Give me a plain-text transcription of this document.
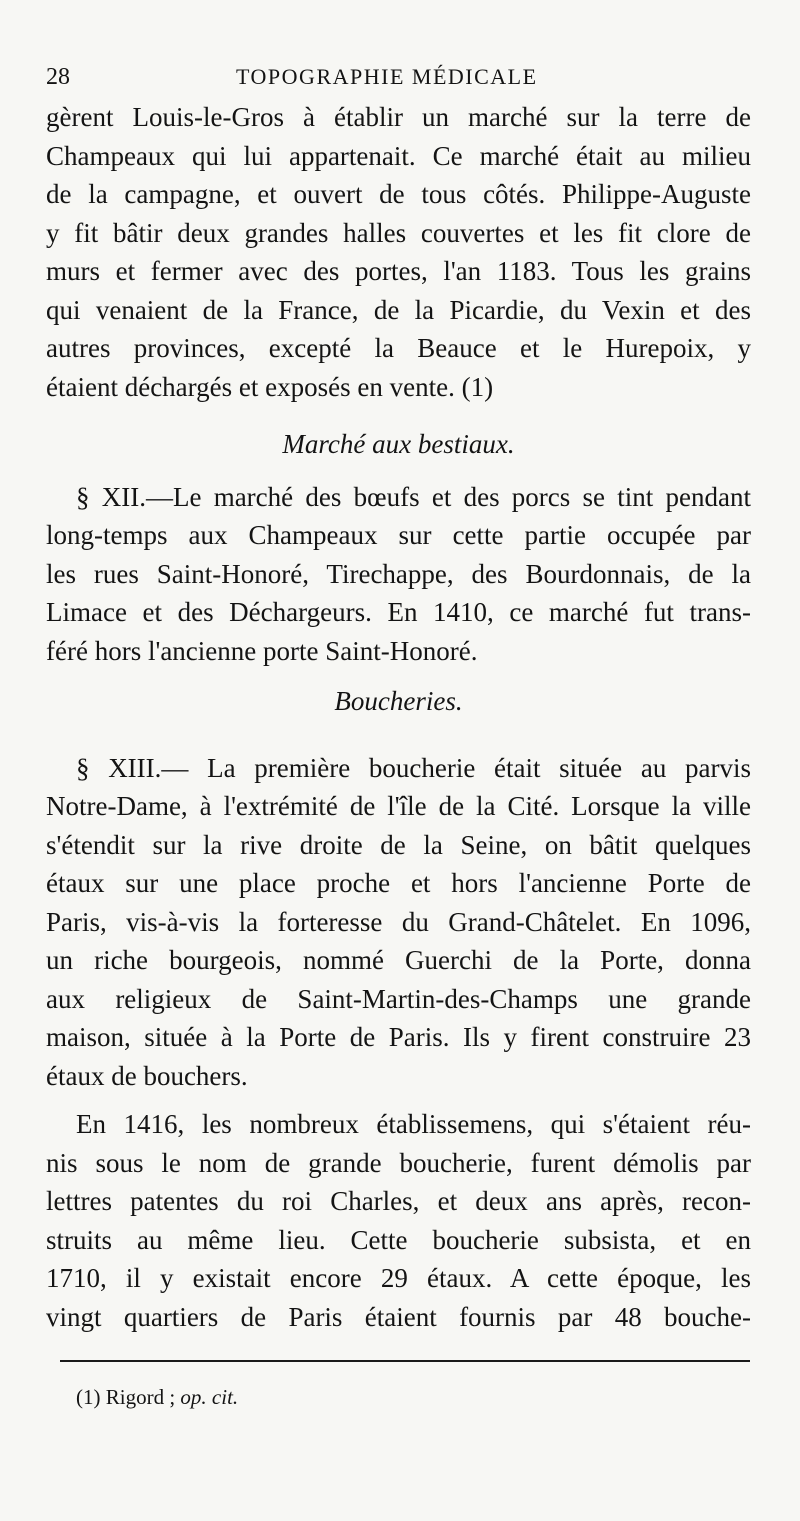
28	TOPOGRAPHIE MÉDICALE
gèrent Louis-le-Gros à établir un marché sur la terre de
Champeaux qui lui appartenait. Ce marché était au milieu
de la campagne, et ouvert de tous côtés. Philippe-Auguste
y fit bâtir deux grandes halles couvertes et les fit clore de
murs et fermer avec des portes, l'an 1183. Tous les grains
qui venaient de la France, de la Picardie, du Vexin et des
autres provinces, excepté la Beauce et le Hurepoix, y
étaient déchargés et exposés en vente. (1)
Marché aux bestiaux.
§ XII.—Le marché des bœufs et des porcs se tint pendant
long-temps aux Champeaux sur cette partie occupée par
les rues Saint-Honoré, Tirechappe, des Bourdonnais, de la
Limace et des Déchargeurs. En 1410, ce marché fut trans-
féré hors l'ancienne porte Saint-Honoré.
Boucheries.
§ XIII.— La première boucherie était située au parvis
Notre-Dame, à l'extrémité de l'île de la Cité. Lorsque la ville
s'étendit sur la rive droite de la Seine, on bâtit quelques
étaux sur une place proche et hors l'ancienne Porte de
Paris, vis-à-vis la forteresse du Grand-Châtelet. En 1096,
un riche bourgeois, nommé Guerchi de la Porte, donna
aux religieux de Saint-Martin-des-Champs une grande
maison, située à la Porte de Paris. Ils y firent construire 23
étaux de bouchers.
En 1416, les nombreux établissemens, qui s'étaient réu-
nis sous le nom de grande boucherie, furent démolis par
lettres patentes du roi Charles, et deux ans après, recon-
struits au même lieu. Cette boucherie subsista, et en
1710, il y existait encore 29 étaux. A cette époque, les
vingt quartiers de Paris étaient fournis par 48 bouche-
(1) Rigord ; op. cit.
